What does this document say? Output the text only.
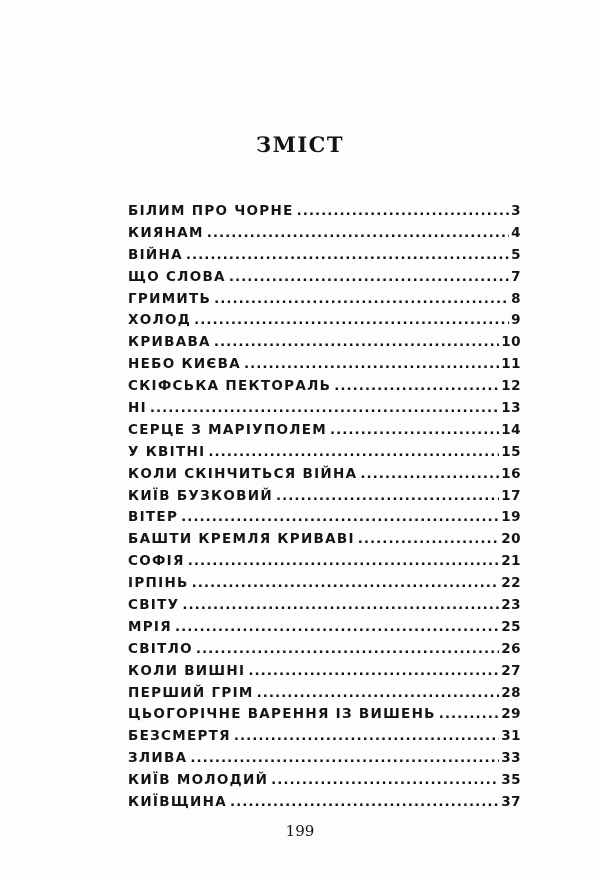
ЗМІСТ
БІЛИМ ПРО ЧОРНЕ .....	3
КИЯНАМ .....	4
ВІЙНА .....	5
ЩО СЛОВА .....	7
ГРИМИТЬ .....	8
ХОЛОД .....	9
КРИВАВА .....	10
НЕБО КИЄВА .....	11
СКІФСЬКА ПЕКТОРАЛЬ .....	12
НІ .....	13
СЕРЦЕ З МАРІУПОЛЕМ .....	14
У КВІТНІ .....	15
КОЛИ СКІНЧИТЬСЯ ВІЙНА .....	16
КИЇВ БУЗКОВИЙ .....	17
ВІТЕР .....	19
БАШТИ КРЕМЛЯ КРИВАВІ .....	20
СОФІЯ .....	21
ІРПІНЬ .....	22
СВІТУ .....	23
МРІЯ .....	25
СВІТЛО .....	26
КОЛИ ВИШНІ .....	27
ПЕРШИЙ ГРІМ .....	28
ЦЬОГОРІЧНЕ ВАРЕННЯ ІЗ ВИШЕНЬ .....	29
БЕЗСМЕРТЯ .....	31
ЗЛИВА .....	33
КИЇВ МОЛОДИЙ .....	35
КИЇВЩИНА .....	37
199
